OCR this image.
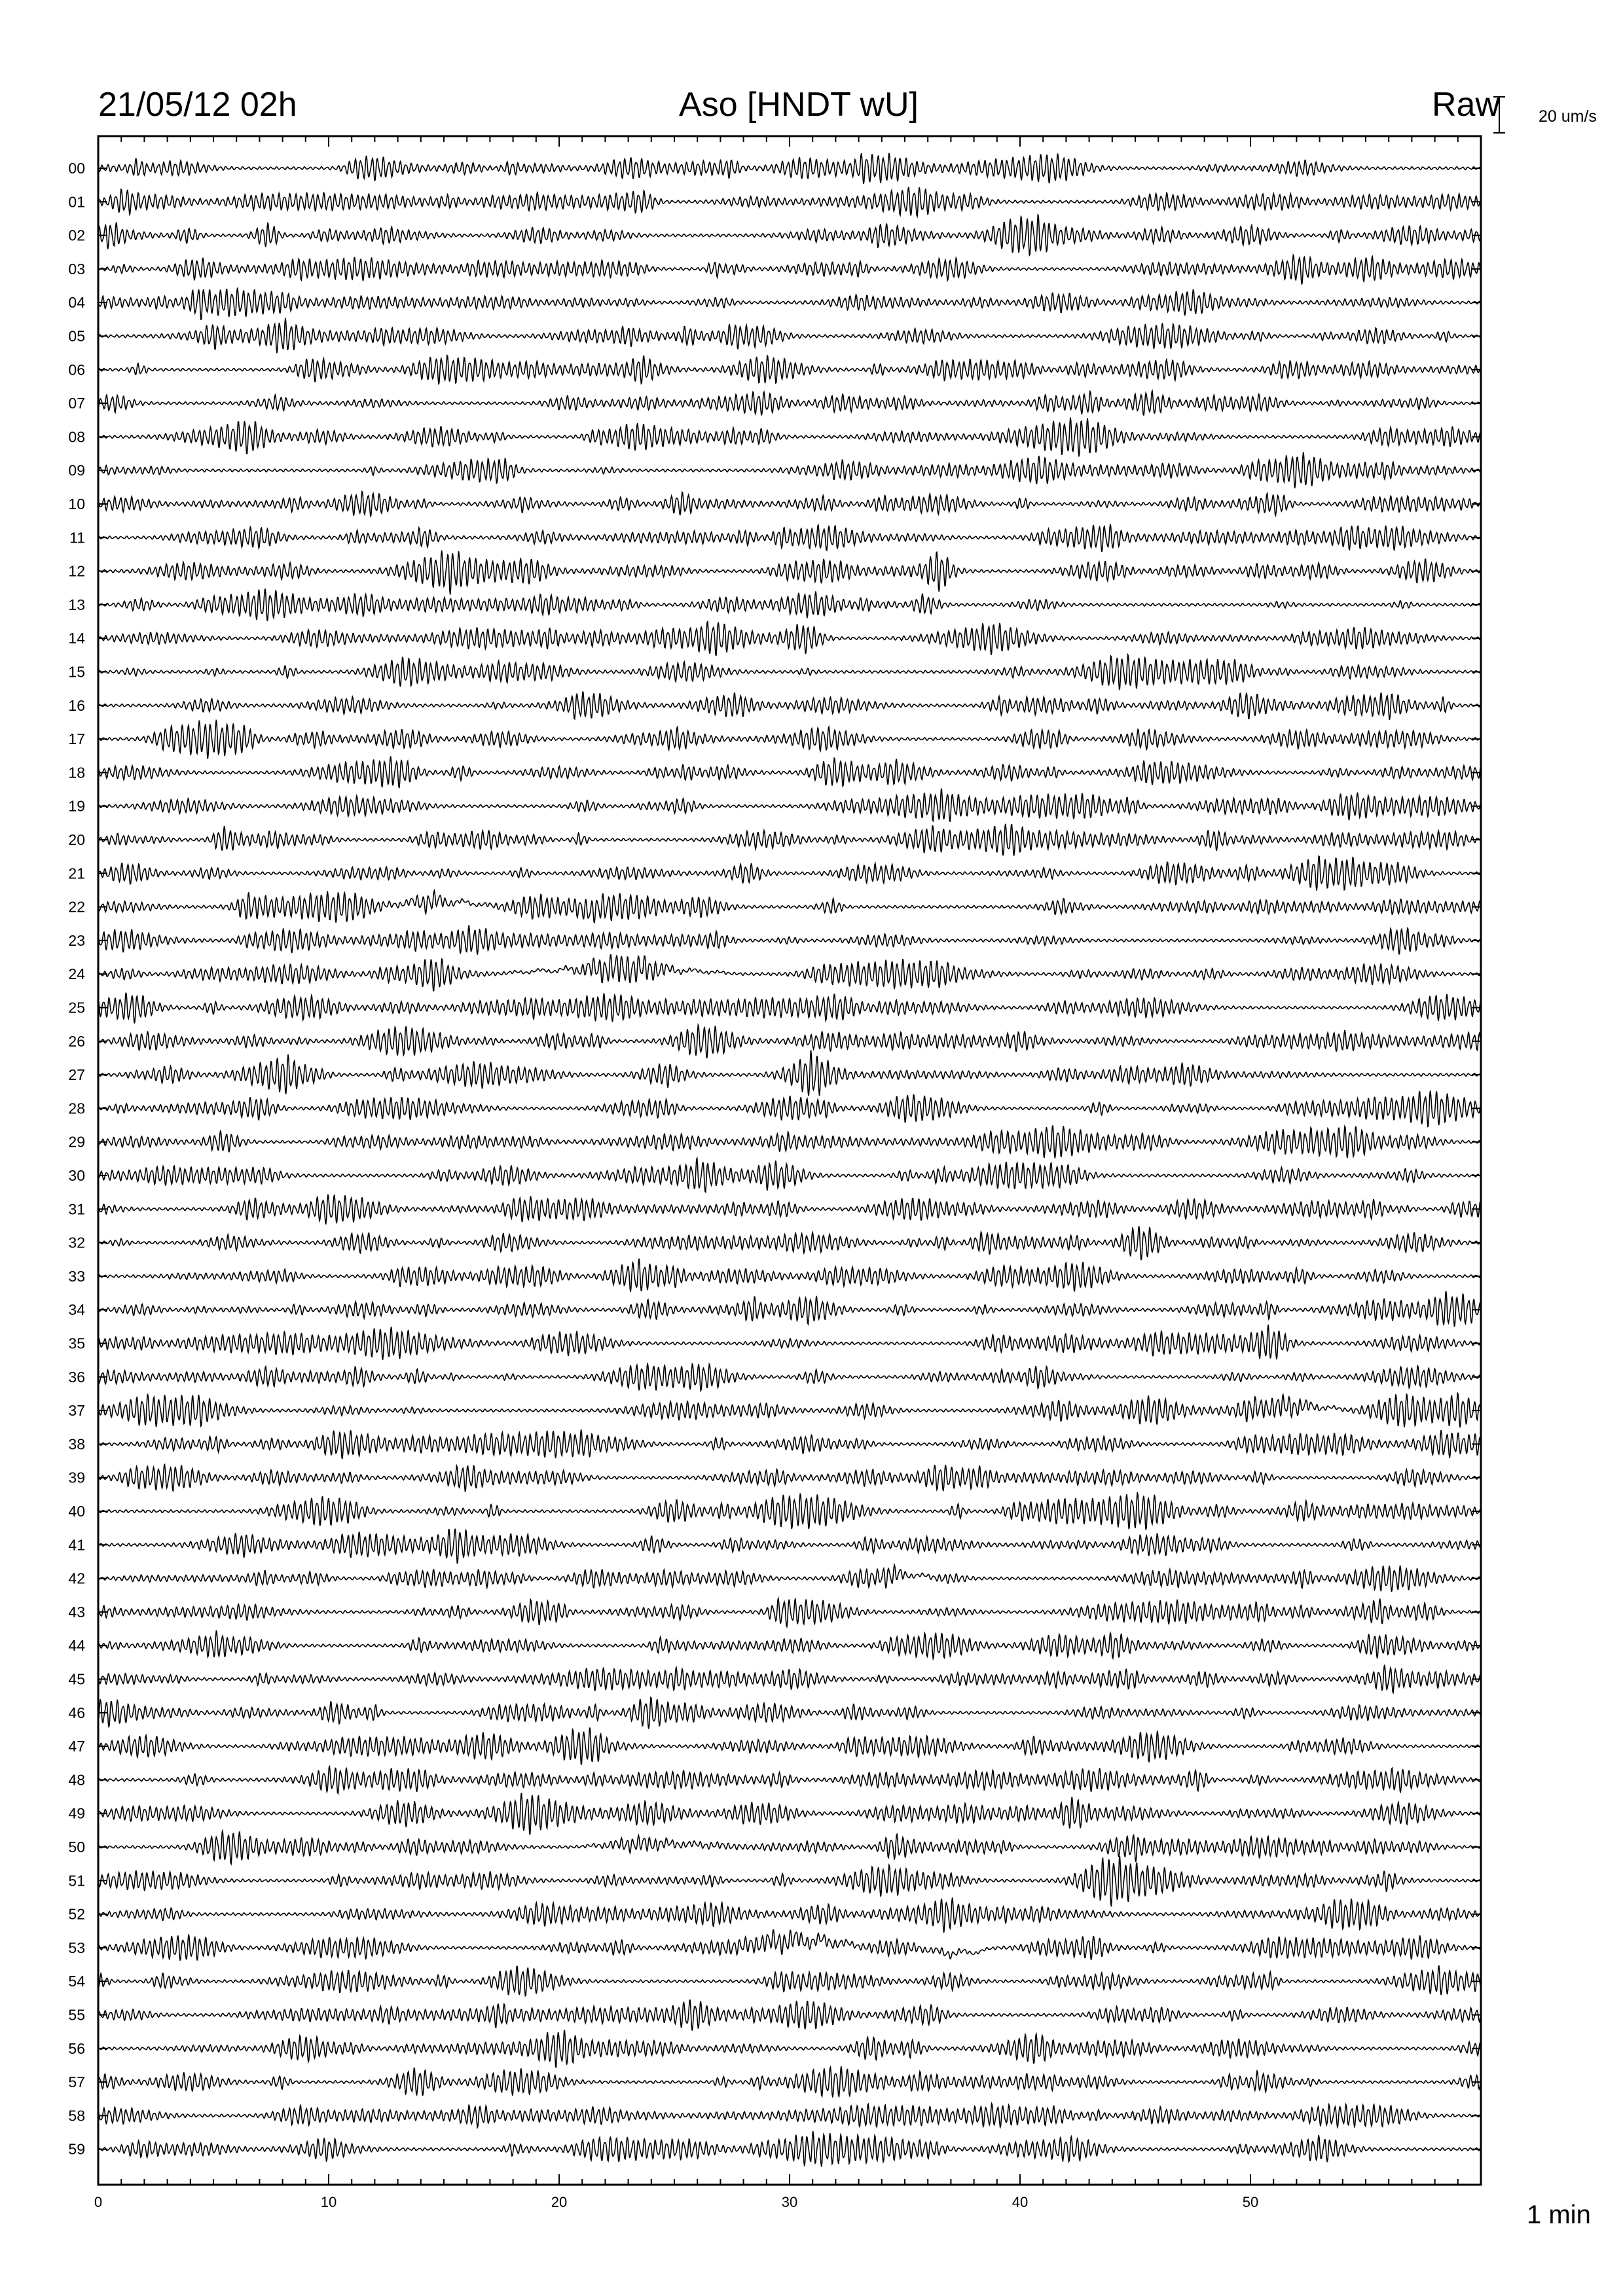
21/05/12 02h	Aso [HNDT wU]	Raw 20 um/s
1 min
0	10	20	30	40	50
00
01
02
03
04
05
06
07
08
09
10
11
12
13
14
15
16
17
18
19
20
21
22
23
24
25
26
27
28
29
30
31
32
33
34
35
36
37
38
39
40
41
42
43
44
45
46
47
48
49
50
51
52
53
54
55
56
57
58
59
